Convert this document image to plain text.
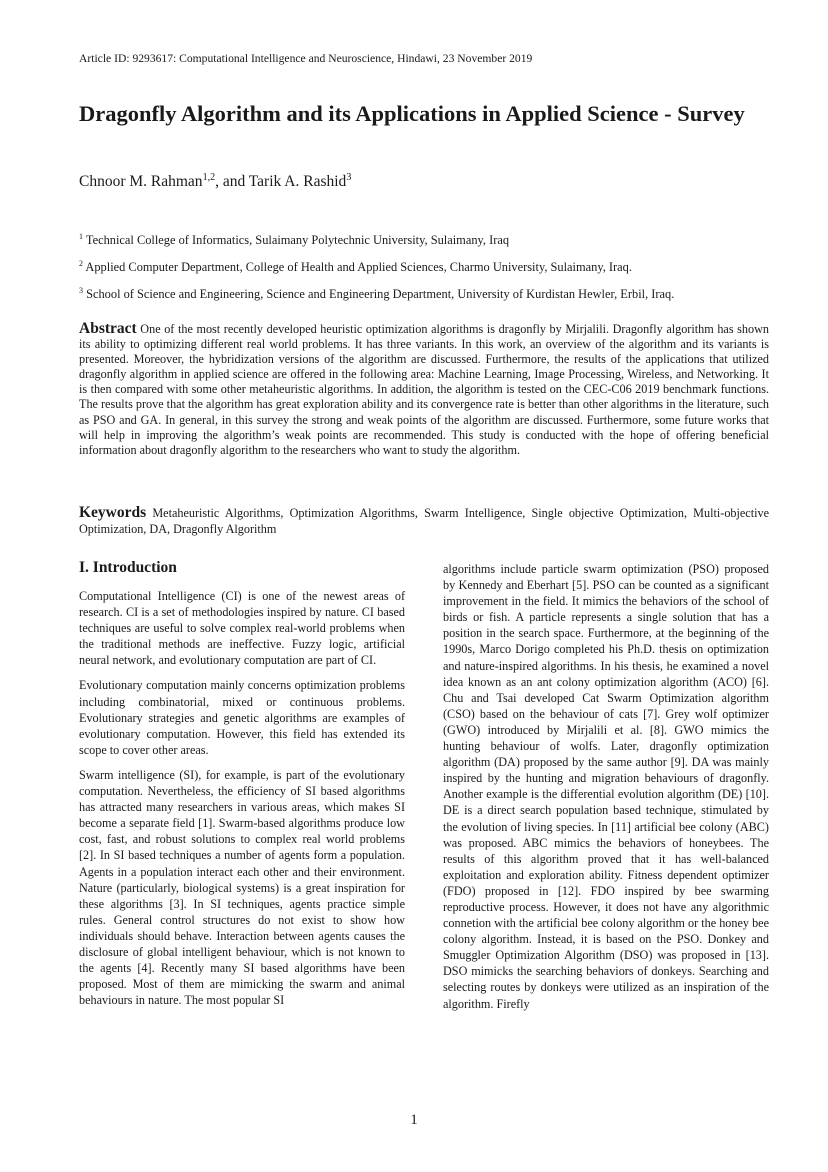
Article ID: 9293617: Computational Intelligence and Neuroscience, Hindawi, 23 November 2019
Dragonfly Algorithm and its Applications in Applied Science - Survey
Chnoor M. Rahman$^{1,2}$, and Tarik A. Rashid$^3$
$^1$ Technical College of Informatics, Sulaimany Polytechnic University, Sulaimany, Iraq
$^2$ Applied Computer Department, College of Health and Applied Sciences, Charmo University, Sulaimany, Iraq.
$^3$ School of Science and Engineering, Science and Engineering Department, University of Kurdistan Hewler, Erbil, Iraq.

Abstract One of the most recently developed heuristic optimization algorithms is dragonfly by Mirjalili. Dragonfly algorithm has shown its ability to optimizing different real world problems. It has three variants. In this work, an overview of the algorithm and its variants is presented. Moreover, the hybridization versions of the algorithm are discussed. Furthermore, the results of the applications that utilized dragonfly algorithm in applied science are offered in the following area: Machine Learning, Image Processing, Wireless, and Networking. It is then compared with some other metaheuristic algorithms. In addition, the algorithm is tested on the CEC-C06 2019 benchmark functions. The results prove that the algorithm has great exploration ability and its convergence rate is better than other algorithms in the literature, such as PSO and GA. In general, in this survey the strong and weak points of the algorithm are discussed. Furthermore, some future works that will help in improving the algorithm’s weak points are recommended. This study is conducted with the hope of offering beneficial information about dragonfly algorithm to the researchers who want to study the algorithm.

Keywords Metaheuristic Algorithms, Optimization Algorithms, Swarm Intelligence, Single objective Optimization, Multi-objective Optimization, DA, Dragonfly Algorithm

I. Introduction

Computational Intelligence (CI) is one of the newest areas of research. CI is a set of methodologies inspired by nature. CI based techniques are useful to solve complex real-world problems when the traditional methods are ineffective. Fuzzy logic, artificial neural network, and evolutionary computation are part of CI.

Evolutionary computation mainly concerns optimization problems including combinatorial, mixed or continuous problems. Evolutionary strategies and genetic algorithms are examples of evolutionary computation. However, this field has extended its scope to cover other areas.

Swarm intelligence (SI), for example, is part of the evolutionary computation. Nevertheless, the efficiency of SI based algorithms has attracted many researchers in various areas, which makes SI become a separate field [1]. Swarm-based algorithms produce low cost, fast, and robust solutions to complex real world problems [2]. In SI based techniques a number of agents form a population. Agents in a population interact each other and their environment. Nature (particularly, biological systems) is a great inspiration for these algorithms [3]. In SI techniques, agents practice simple rules. General control structures do not exist to show how individuals should behave. Interaction between agents causes the disclosure of global intelligent behaviour, which is not known to the agents [4]. Recently many SI based algorithms have been proposed. Most of them are mimicking the swarm and animal behaviours in nature. The most popular SI

algorithms include particle swarm optimization (PSO) proposed by Kennedy and Eberhart [5]. PSO can be counted as a significant improvement in the field. It mimics the behaviors of the school of birds or fish. A particle represents a single solution that has a position in the search space. Furthermore, at the beginning of the 1990s, Marco Dorigo completed his Ph.D. thesis on optimization and nature-inspired algorithms. In his thesis, he examined a novel idea known as an ant colony optimization algorithm (ACO) [6]. Chu and Tsai developed Cat Swarm Optimization algorithm (CSO) based on the behaviour of cats [7]. Grey wolf optimizer (GWO) introduced by Mirjalili et al. [8]. GWO mimics the hunting behaviour of wolfs. Later, dragonfly optimization algorithm (DA) proposed by the same author [9]. DA was mainly inspired by the hunting and migration behaviours of dragonfly. Another example is the differential evolution algorithm (DE) [10]. DE is a direct search population based technique, stimulated by the evolution of living species. In [11] artificial bee colony (ABC) was proposed. ABC mimics the behaviors of honeybees. The results of this algorithm proved that it has well-balanced exploitation and exploration ability. Fitness dependent optimizer (FDO) proposed in [12]. FDO inspired by bee swarming reproductive process. However, it does not have any algorithmic connetion with the artificial bee colony algorithm or the honey bee colony algorithm. Instead, it is based on the PSO. Donkey and Smuggler Optimization Algorithm (DSO) was proposed in [13]. DSO mimicks the searching behaviors of donkeys. Searching and selecting routes by donkeys were utilized as an inspiration of the algorithm. Firefly

1
